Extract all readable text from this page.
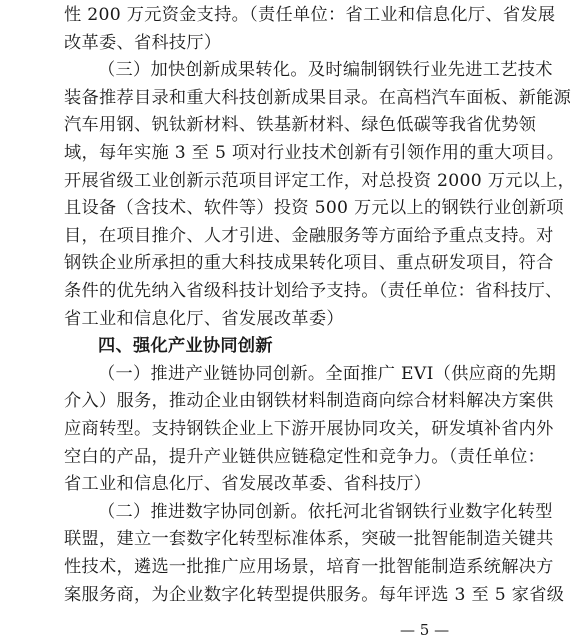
性 200 万元资金支持。（责任单位：省工业和信息化厅、省发展
改革委、省科技厅）
（三）加快创新成果转化。及时编制钢铁行业先进工艺技术
装备推荐目录和重大科技创新成果目录。在高档汽车面板、新能源
汽车用钢、钒钛新材料、铁基新材料、绿色低碳等我省优势领
域，每年实施 3 至 5 项对行业技术创新有引领作用的重大项目。
开展省级工业创新示范项目评定工作，对总投资 2000 万元以上，
且设备（含技术、软件等）投资 500 万元以上的钢铁行业创新项
目，在项目推介、人才引进、金融服务等方面给予重点支持。对
钢铁企业所承担的重大科技成果转化项目、重点研发项目，符合
条件的优先纳入省级科技计划给予支持。（责任单位：省科技厅、
省工业和信息化厅、省发展改革委）
四、强化产业协同创新
（一）推进产业链协同创新。全面推广 EVI（供应商的先期
介入）服务，推动企业由钢铁材料制造商向综合材料解决方案供
应商转型。支持钢铁企业上下游开展协同攻关，研发填补省内外
空白的产品，提升产业链供应链稳定性和竞争力。（责任单位：
省工业和信息化厅、省发展改革委、省科技厅）
（二）推进数字协同创新。依托河北省钢铁行业数字化转型
联盟，建立一套数字化转型标准体系，突破一批智能制造关键共
性技术，遴选一批推广应用场景，培育一批智能制造系统解决方
案服务商，为企业数字化转型提供服务。每年评选 3 至 5 家省级
— 5 —
